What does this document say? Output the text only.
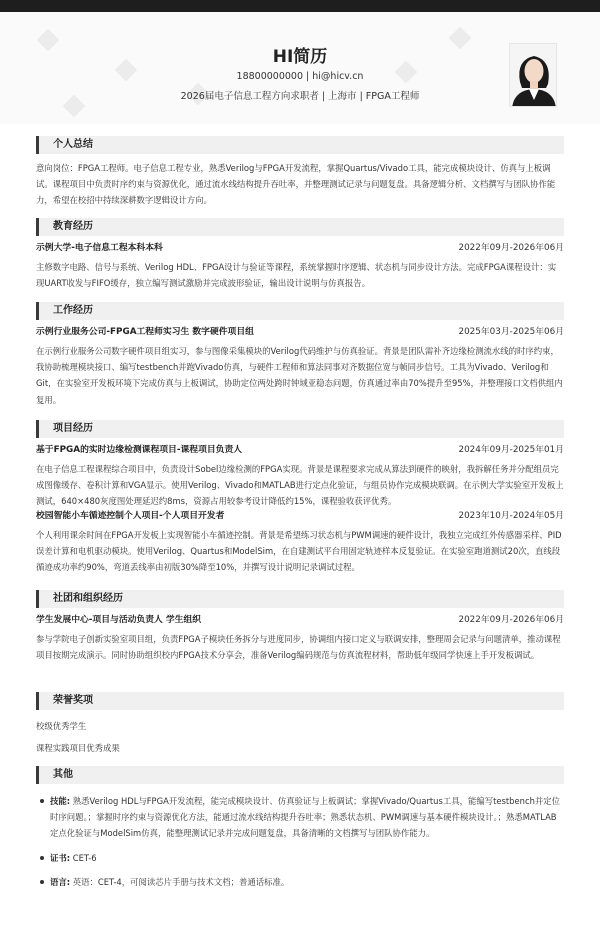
HI简历
18800000000 | hi@hicv.cn
2026届电子信息工程方向求职者 | 上海市 | FPGA工程师
个人总结
意向岗位：FPGA工程师。电子信息工程专业，熟悉Verilog与FPGA开发流程，掌握Quartus/Vivado工具，能完成模块设计、仿真与上板调试。课程项目中负责时序约束与资源优化，通过流水线结构提升吞吐率，并整理测试记录与问题复盘。具备逻辑分析、文档撰写与团队协作能力，希望在校招中持续深耕数字逻辑设计方向。
教育经历
示例大学-电子信息工程本科本科	2022年09月-2026年06月
主修数字电路、信号与系统、Verilog HDL、FPGA设计与验证等课程，系统掌握时序逻辑、状态机与同步设计方法。完成FPGA课程设计：实现UART收发与FIFO缓存，独立编写测试激励并完成波形验证，输出设计说明与仿真报告。
工作经历
示例行业服务公司-FPGA工程师实习生 数字硬件项目组	2025年03月-2025年06月
在示例行业服务公司数字硬件项目组实习，参与图像采集模块的Verilog代码维护与仿真验证。背景是团队需补齐边缘检测流水线的时序约束，我协助梳理模块接口、编写testbench并跑Vivado仿真，与硬件工程师和算法同事对齐数据位宽与帧同步信号。工具为Vivado、Verilog和Git，在实验室开发板环境下完成仿真与上板调试，协助定位两处跨时钟域亚稳态问题，仿真通过率由70%提升至95%，并整理接口文档供组内复用。
项目经历
基于FPGA的实时边缘检测课程项目-课程项目负责人	2024年09月-2025年01月
在电子信息工程课程综合项目中，负责设计Sobel边缘检测的FPGA实现。背景是课程要求完成从算法到硬件的映射，我拆解任务并分配组员完成图像缓存、卷积计算和VGA显示。使用Verilog、Vivado和MATLAB进行定点化验证，与组员协作完成模块联调。在示例大学实验室开发板上测试，640×480灰度图处理延迟约8ms，资源占用较参考设计降低约15%，课程验收获评优秀。
校园智能小车循迹控制个人项目-个人项目开发者	2023年10月-2024年05月
个人利用课余时间在FPGA开发板上实现智能小车循迹控制。背景是希望练习状态机与PWM调速的硬件设计，我独立完成红外传感器采样、PID误差计算和电机驱动模块。使用Verilog、Quartus和ModelSim，在自建测试平台用固定轨迹样本反复验证。在实验室跑道测试20次，直线段循迹成功率约90%，弯道丢线率由初版30%降至10%，并撰写设计说明记录调试过程。
社团和组织经历
学生发展中心-项目与活动负责人 学生组织	2022年09月-2026年06月
参与学院电子创新实验室项目组，负责FPGA子模块任务拆分与进度同步，协调组内接口定义与联调安排，整理周会记录与问题清单，推动课程项目按期完成演示。同时协助组织校内FPGA技术分享会，准备Verilog编码规范与仿真流程材料，帮助低年级同学快速上手开发板调试。
荣誉奖项
校级优秀学生
课程实践项目优秀成果
其他
技能: 熟悉Verilog HDL与FPGA开发流程，能完成模块设计、仿真验证与上板调试；掌握Vivado/Quartus工具，能编写testbench并定位时序问题。；掌握时序约束与资源优化方法，能通过流水线结构提升吞吐率；熟悉状态机、PWM调速与基本硬件模块设计。；熟悉MATLAB定点化验证与ModelSim仿真，能整理测试记录并完成问题复盘，具备清晰的文档撰写与团队协作能力。
证书: CET-6
语言: 英语：CET-4，可阅读芯片手册与技术文档；普通话标准。
